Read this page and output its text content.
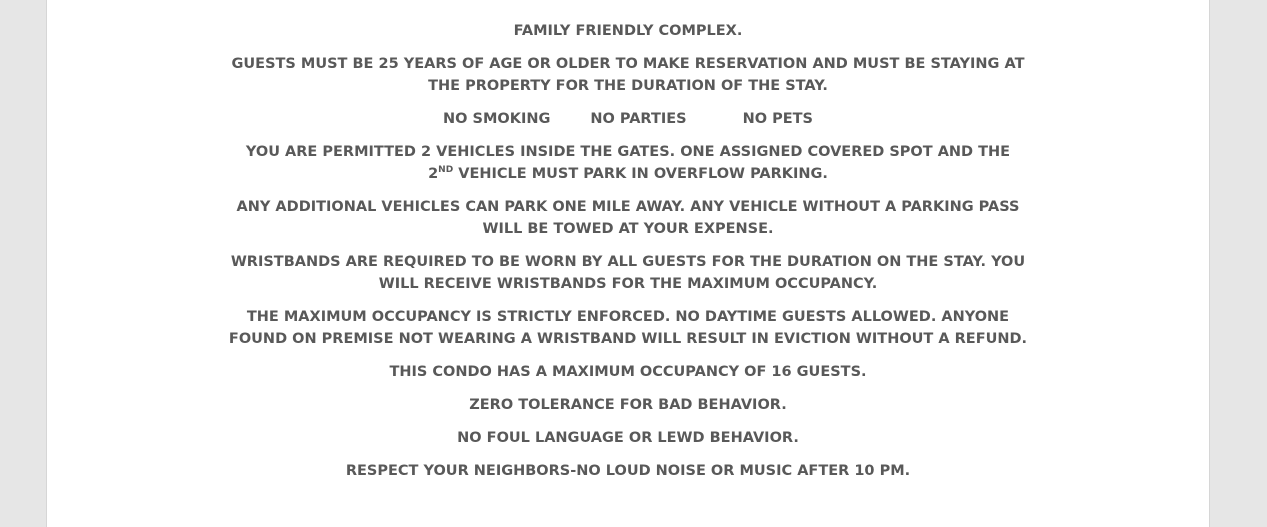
FAMILY FRIENDLY COMPLEX.

GUESTS MUST BE 25 YEARS OF AGE OR OLDER TO MAKE RESERVATION AND MUST BE STAYING AT
THE PROPERTY FOR THE DURATION OF THE STAY.

NO SMOKING	NO PARTIES	NO PETS

YOU ARE PERMITTED 2 VEHICLES INSIDE THE GATES. ONE ASSIGNED COVERED SPOT AND THE
2ND VEHICLE MUST PARK IN OVERFLOW PARKING.

ANY ADDITIONAL VEHICLES CAN PARK ONE MILE AWAY. ANY VEHICLE WITHOUT A PARKING PASS
WILL BE TOWED AT YOUR EXPENSE.

WRISTBANDS ARE REQUIRED TO BE WORN BY ALL GUESTS FOR THE DURATION ON THE STAY. YOU
WILL RECEIVE WRISTBANDS FOR THE MAXIMUM OCCUPANCY.

THE MAXIMUM OCCUPANCY IS STRICTLY ENFORCED. NO DAYTIME GUESTS ALLOWED. ANYONE
FOUND ON PREMISE NOT WEARING A WRISTBAND WILL RESULT IN EVICTION WITHOUT A REFUND.

THIS CONDO HAS A MAXIMUM OCCUPANCY OF 16 GUESTS.

ZERO TOLERANCE FOR BAD BEHAVIOR.

NO FOUL LANGUAGE OR LEWD BEHAVIOR.

RESPECT YOUR NEIGHBORS-NO LOUD NOISE OR MUSIC AFTER 10 PM.
